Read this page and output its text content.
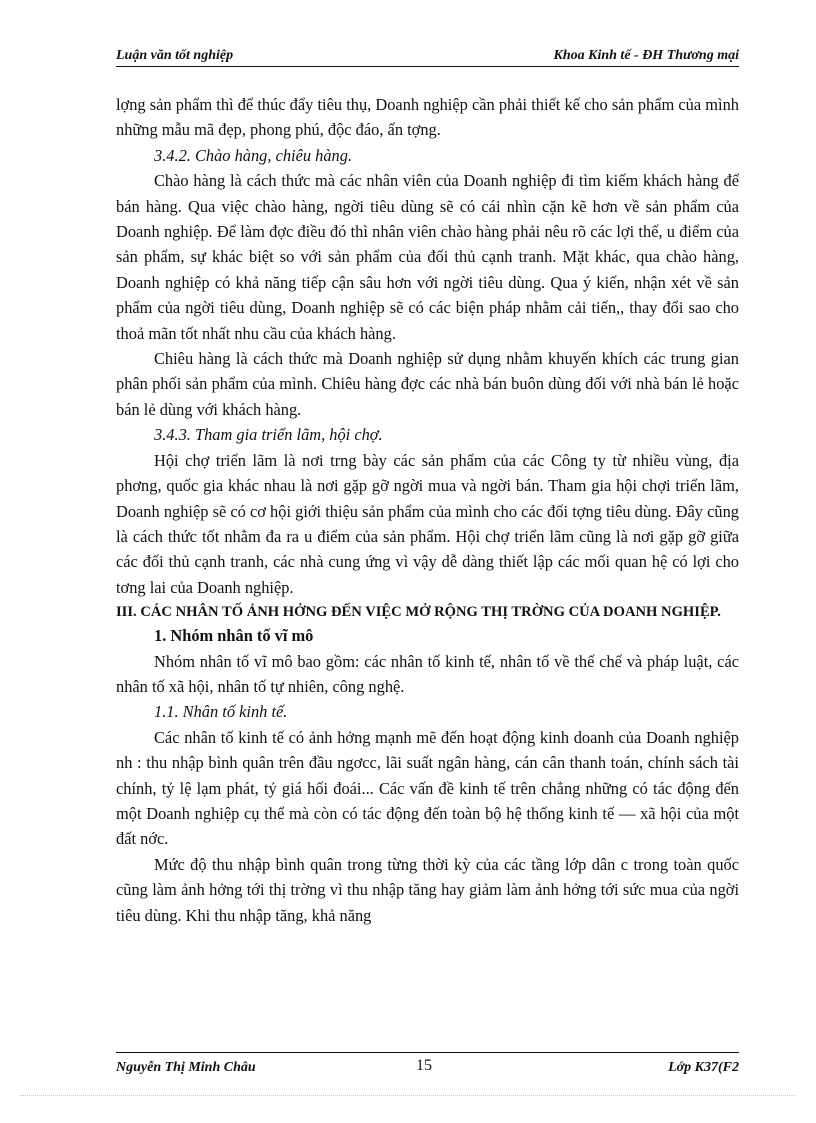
Luận văn tốt nghiệp	Khoa Kinh tế - ĐH Thương mại

lợng sản phẩm thì để thúc đẩy tiêu thụ, Doanh nghiệp cần phải thiết kế cho sản phẩm của mình những mẫu mã đẹp, phong phú, độc đáo, ấn tợng.

3.4.2. Chào hàng, chiêu hàng.

Chào hàng là cách thức mà các nhân viên của Doanh nghiệp đi tìm kiếm khách hàng để bán hàng. Qua việc chào hàng, ngời tiêu dùng sẽ có cái nhìn cặn kẽ hơn về sản phẩm của Doanh nghiệp. Để làm đợc điều đó thì nhân viên chào hàng phải nêu rõ các lợi thế, u điểm của sản phẩm, sự khác biệt so với sản phẩm của đối thủ cạnh tranh. Mặt khác, qua chào hàng, Doanh nghiệp có khả năng tiếp cận sâu hơn với ngời tiêu dùng. Qua ý kiến, nhận xét về sản phẩm của ngời tiêu dùng, Doanh nghiệp sẽ có các biện pháp nhằm cải tiến,, thay đổi sao cho thoả mãn tốt nhất nhu cầu của khách hàng.

Chiêu hàng là cách thức mà Doanh nghiệp sử dụng nhằm khuyến khích các trung gian phân phối sản phẩm của mình. Chiêu hàng đợc các nhà bán buôn dùng đối với nhà bán lẻ hoặc bán lẻ dùng với khách hàng.

3.4.3. Tham gia triển lãm, hội chợ.

Hội chợ triển lãm là nơi trng bày các sản phẩm của các Công ty từ nhiều vùng, địa phơng, quốc gia khác nhau là nơi gặp gỡ ngời mua và ngời bán. Tham gia hội chợi triển lãm, Doanh nghiệp sẽ có cơ hội giới thiệu sản phẩm của mình cho các đối tợng tiêu dùng. Đây cũng là cách thức tốt nhằm đa ra u điểm của sản phẩm. Hội chợ triển lãm cũng là nơi gặp gỡ giữa các đối thủ cạnh tranh, các nhà cung ứng vì vậy dễ dàng thiết lập các mối quan hệ có lợi cho tơng lai của Doanh nghiệp.

III. CÁC NHÂN TỐ ẢNH HỞNG ĐẾN VIỆC MỞ RỘNG THỊ TRỜNG CỦA DOANH NGHIỆP.

1. Nhóm nhân tố vĩ mô

Nhóm nhân tố vĩ mô bao gồm: các nhân tố kinh tế, nhân tố về thể chế và pháp luật, các nhân tố xã hội, nhân tố tự nhiên, công nghệ.

1.1. Nhân tố kinh tế.

Các nhân tố kinh tế có ảnh hởng mạnh mẽ đến hoạt động kinh doanh của Doanh nghiệp nh : thu nhập bình quân trên đầu ngơcc, lãi suất ngân hàng, cán cân thanh toán, chính sách tài chính, tỷ lệ lạm phát, tỷ giá hối đoái... Các vấn đề kinh tế trên chẳng những có tác động đến một Doanh nghiệp cụ thể mà còn có tác động đến toàn bộ hệ thống kinh tế — xã hội của một đất nớc.

Mức độ thu nhập bình quân trong từng thời kỳ của các tầng lớp dân c trong toàn quốc cũng làm ảnh hởng tới thị trờng vì thu nhập tăng hay giảm làm ảnh hởng tới sức mua của ngời tiêu dùng. Khi thu nhập tăng, khả năng

Nguyễn Thị Minh Châu	15	Lớp K37(F2
